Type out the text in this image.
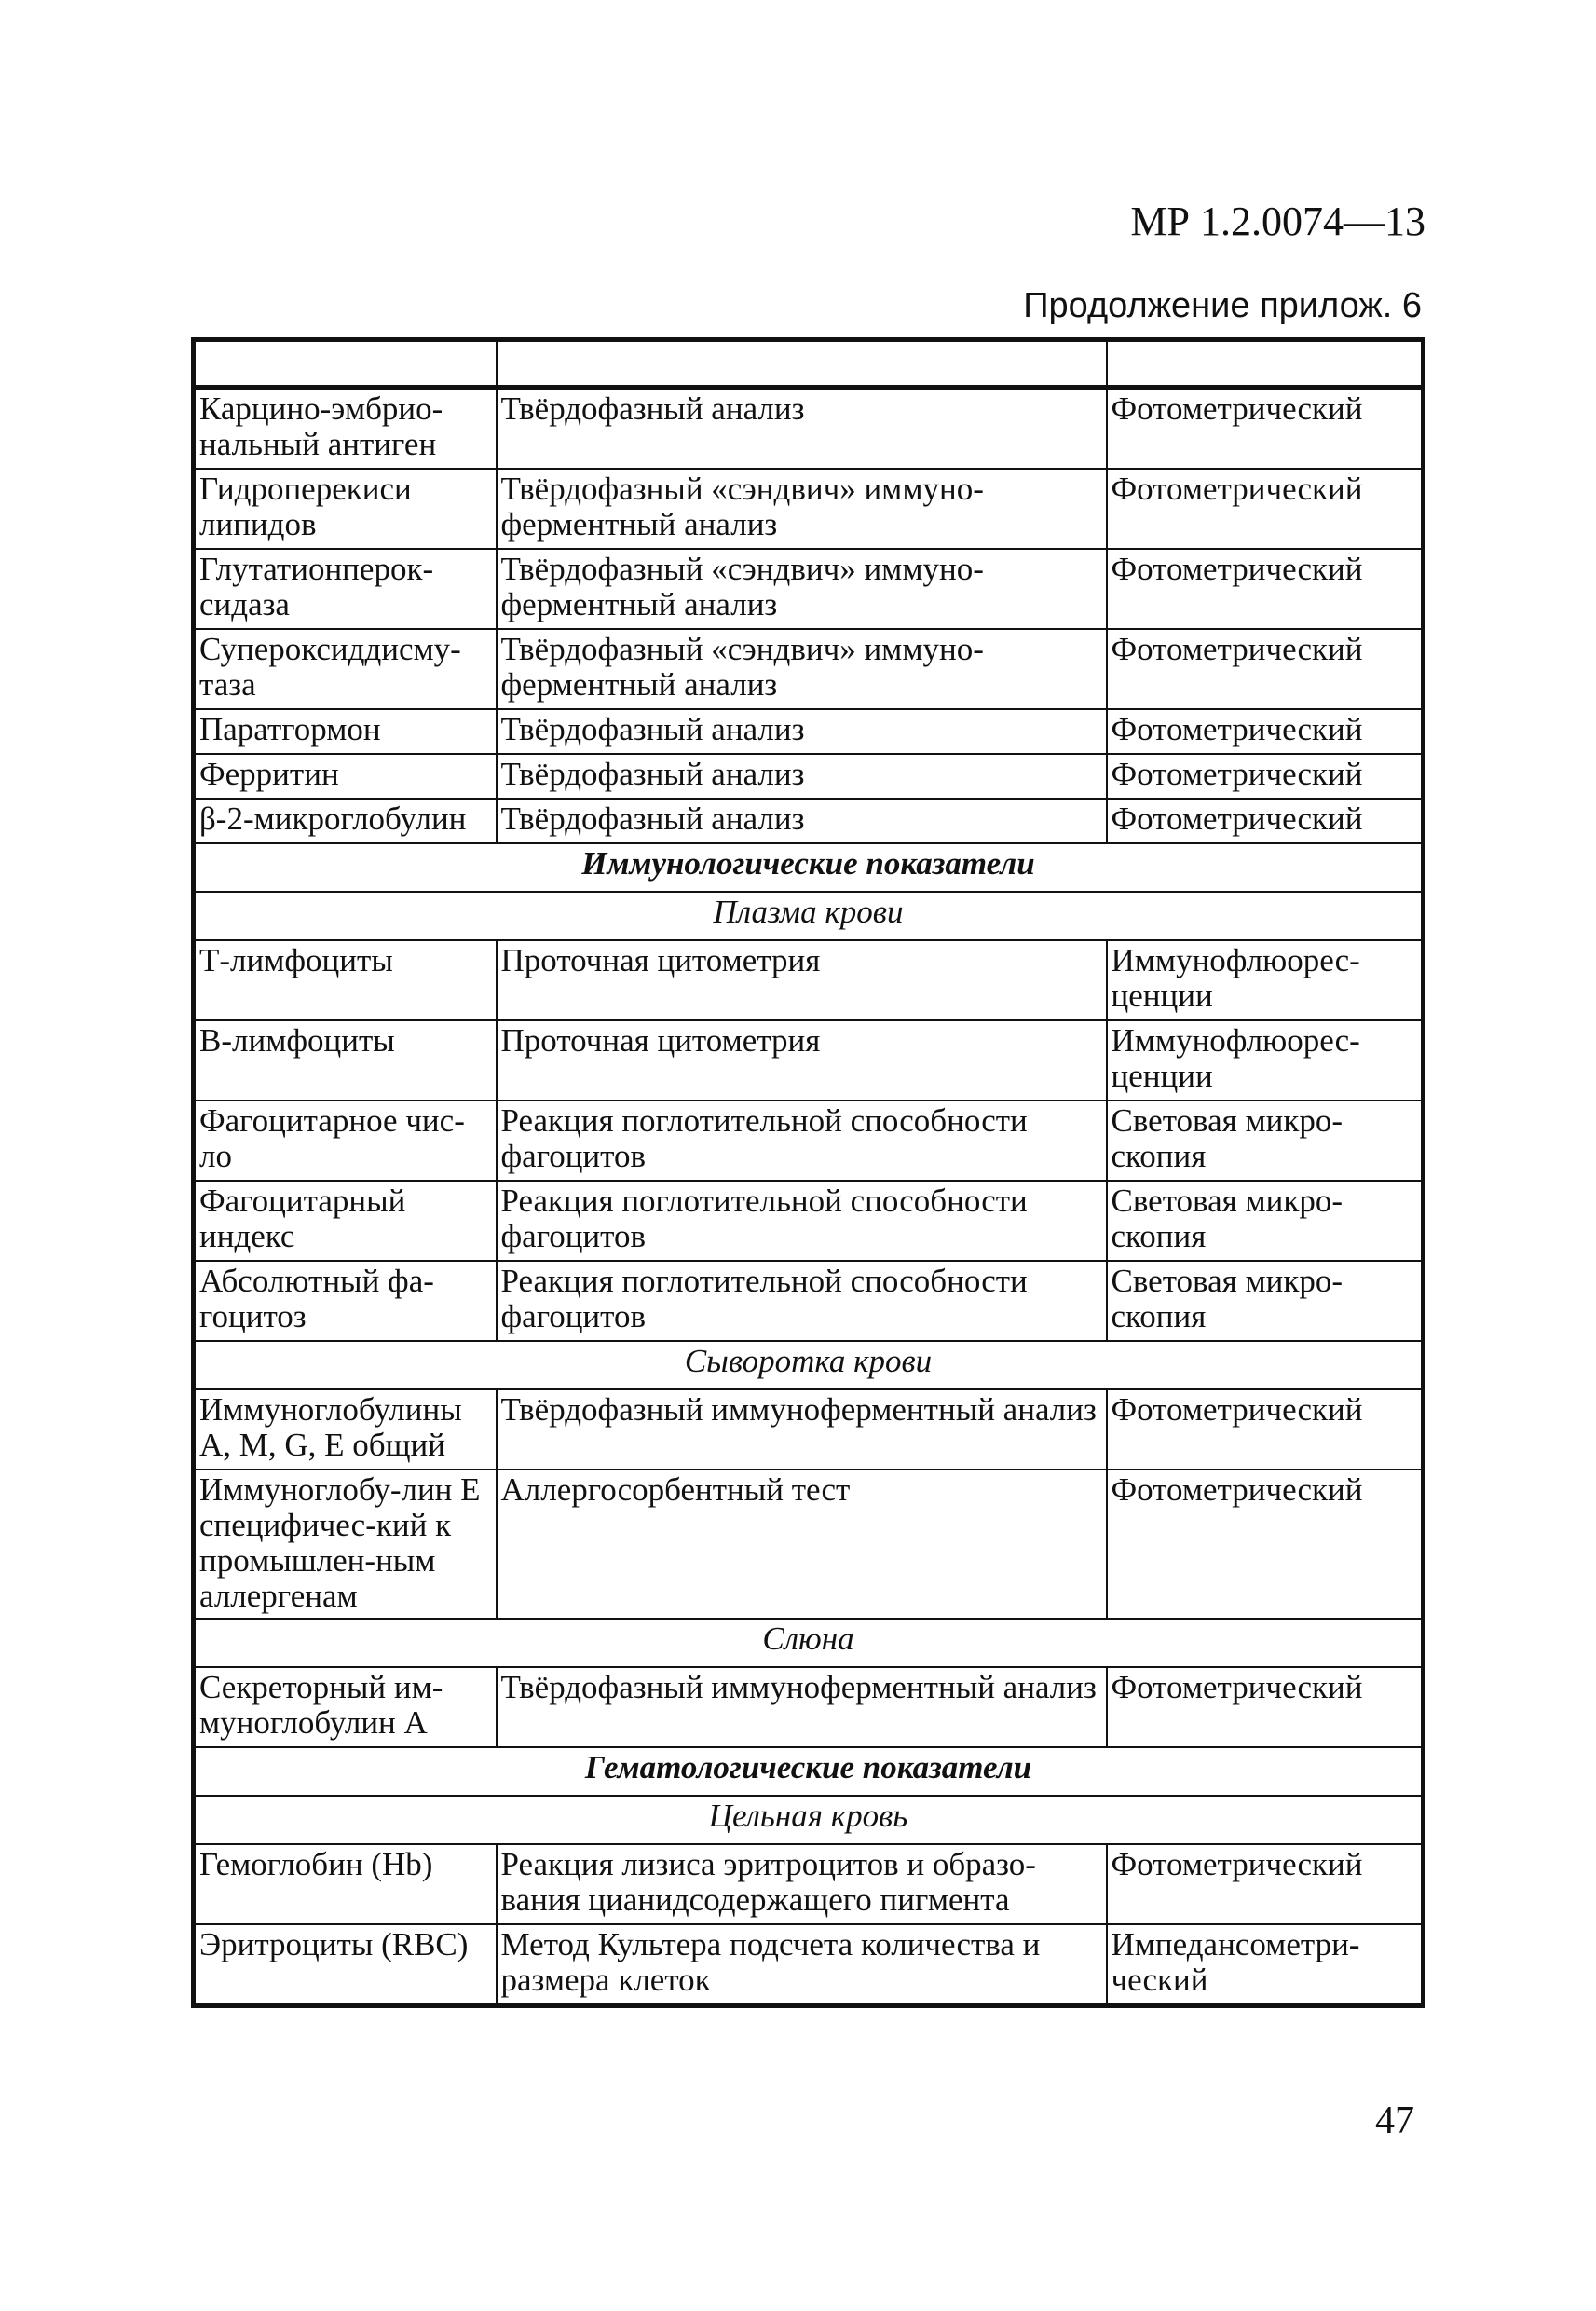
МР 1.2.0074—13
Продолжение прилож. 6

Карцино-эмбрио-нальный антиген	Твёрдофазный анализ	Фотометрический
Гидроперекиси липидов	Твёрдофазный «сэндвич» иммуно-ферментный анализ	Фотометрический
Глутатионперок-сидаза	Твёрдофазный «сэндвич» иммуно-ферментный анализ	Фотометрический
Супероксиддисму-таза	Твёрдофазный «сэндвич» иммуно-ферментный анализ	Фотометрический
Паратгормон	Твёрдофазный анализ	Фотометрический
Ферритин	Твёрдофазный анализ	Фотометрический
β-2-микроглобулин	Твёрдофазный анализ	Фотометрический
Иммунологические показатели		
Плазма крови		
Т-лимфоциты	Проточная цитометрия	Иммунофлюорес-ценции
В-лимфоциты	Проточная цитометрия	Иммунофлюорес-ценции
Фагоцитарное чис-ло	Реакция поглотительной способности фагоцитов	Световая микро-скопия
Фагоцитарный индекс	Реакция поглотительной способности фагоцитов	Световая микро-скопия
Абсолютный фа-гоцитоз	Реакция поглотительной способности фагоцитов	Световая микро-скопия
Сыворотка крови		
Иммуноглобулины А, М, G, Е общий	Твёрдофазный иммуноферментный анализ	Фотометрический
Иммуноглобу-лин Е специфичес-кий к промышлен-ным аллергенам	Аллергосорбентный тест	Фотометрический
Слюна		
Секреторный им-муноглобулин А	Твёрдофазный иммуноферментный анализ	Фотометрический
Гематологические показатели		
Цельная кровь		
Гемоглобин (Hb)	Реакция лизиса эритроцитов и образо-вания цианидсодержащего пигмента	Фотометрический
Эритроциты (RBC)	Метод Культера подсчета количества и размера клеток	Импедансометри-ческий
47
